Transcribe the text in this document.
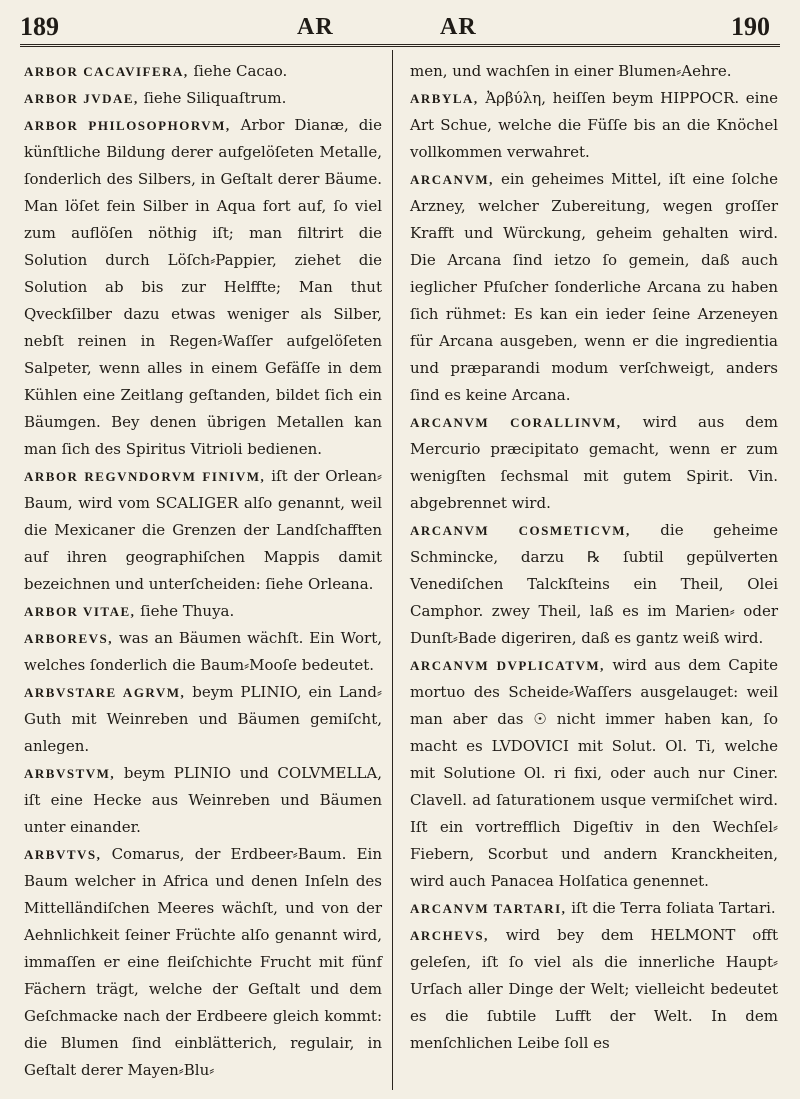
189	AR	AR	190

ARBOR CACAVIFERA, ſiehe Cacao.

ARBOR JVDAE, ſiehe Siliquaſtrum.

ARBOR PHILOSOPHORVM, Arbor Dianæ, die künſtliche Bildung derer aufgelöſeten Metalle, ſonderlich des Silbers, in Geſtalt derer Bäume. Man löſet fein Silber in Aqua fort auf, ſo viel zum auflöſen nöthig iſt; man filtrirt die Solution durch Löſch⸗Pappier, ziehet die Solution ab bis zur Helffte; Man thut Qveckſilber dazu etwas weniger als Silber, nebſt reinen in Regen⸗Waſſer aufgelöſeten Salpeter, wenn alles in einem Gefäſſe in dem Kühlen eine Zeitlang geſtanden, bildet ſich ein Bäumgen. Bey denen übrigen Metallen kan man ſich des Spiritus Vitrioli bedienen.

ARBOR REGVNDORVM FINIVM, iſt der Orlean⸗Baum, wird vom SCALIGER alſo genannt, weil die Mexicaner die Grenzen der Landſchafften auf ihren geographiſchen Mappis damit bezeichnen und unterſcheiden: ſiehe Orleana.

ARBOR VITAE, ſiehe Thuya.

ARBOREVS, was an Bäumen wächſt. Ein Wort, welches ſonderlich die Baum⸗Mooſe bedeutet.

ARBVSTARE AGRVM, beym PLINIO, ein Land⸗Guth mit Weinreben und Bäumen gemiſcht, anlegen.

ARBVSTVM, beym PLINIO und COLVMELLA, iſt eine Hecke aus Weinreben und Bäumen unter einander.

ARBVTVS, Comarus, der Erdbeer⸗Baum. Ein Baum welcher in Africa und denen Inſeln des Mittelländiſchen Meeres wächſt, und von der Aehnlichkeit ſeiner Früchte alſo genannt wird, immaſſen er eine fleiſchichte Frucht mit fünf Fächern trägt, welche der Geſtalt und dem Geſchmacke nach der Erdbeere gleich kommt: die Blumen ſind einblätterich, regulair, in Geſtalt derer Mayen⸗Blu⸗

men, und wachſen in einer Blumen⸗Aehre.

ARBYLA, Ἀρβύλη, heiſſen beym HIPPOCR. eine Art Schue, welche die Füſſe bis an die Knöchel vollkommen verwahret.

ARCANVM, ein geheimes Mittel, iſt eine ſolche Arzney, welcher Zubereitung, wegen groſſer Krafft und Würckung, geheim gehalten wird. Die Arcana ſind ietzo ſo gemein, daß auch ieglicher Pfuſcher ſonderliche Arcana zu haben ſich rühmet: Es kan ein ieder ſeine Arzeneyen für Arcana ausgeben, wenn er die ingredientia und præparandi modum verſchweigt, anders ſind es keine Arcana.

ARCANVM CORALLINVM, wird aus dem Mercurio præcipitato gemacht, wenn er zum wenigſten ſechsmal mit gutem Spirit. Vin. abgebrennet wird.

ARCANVM COSMETICVM, die geheime Schmincke, darzu ℞ ſubtil gepülverten Venediſchen Talckſteins ein Theil, Olei Camphor. zwey Theil, laß es im Marien⸗ oder Dunſt⸗Bade digeriren, daß es gantz weiß wird.

ARCANVM DVPLICATVM, wird aus dem Capite mortuo des Scheide⸗Waſſers ausgelauget: weil man aber das ☉ nicht immer haben kan, ſo macht es LVDOVICI mit Solut. Ol. Ti, welche mit Solutione Ol. ri fixi, oder auch nur Ciner. Clavell. ad ſaturationem usque vermiſchet wird. Iſt ein vortrefflich Digeſtiv in den Wechſel⸗Fiebern, Scorbut und andern Kranckheiten, wird auch Panacea Holſatica genennet.

ARCANVM TARTARI, iſt die Terra foliata Tartari.

ARCHEVS, wird bey dem HELMONT offt geleſen, iſt ſo viel als die innerliche Haupt⸗Urſach aller Dinge der Welt; vielleicht bedeutet es die ſubtile Lufft der Welt. In dem menſchlichen Leibe ſoll es
